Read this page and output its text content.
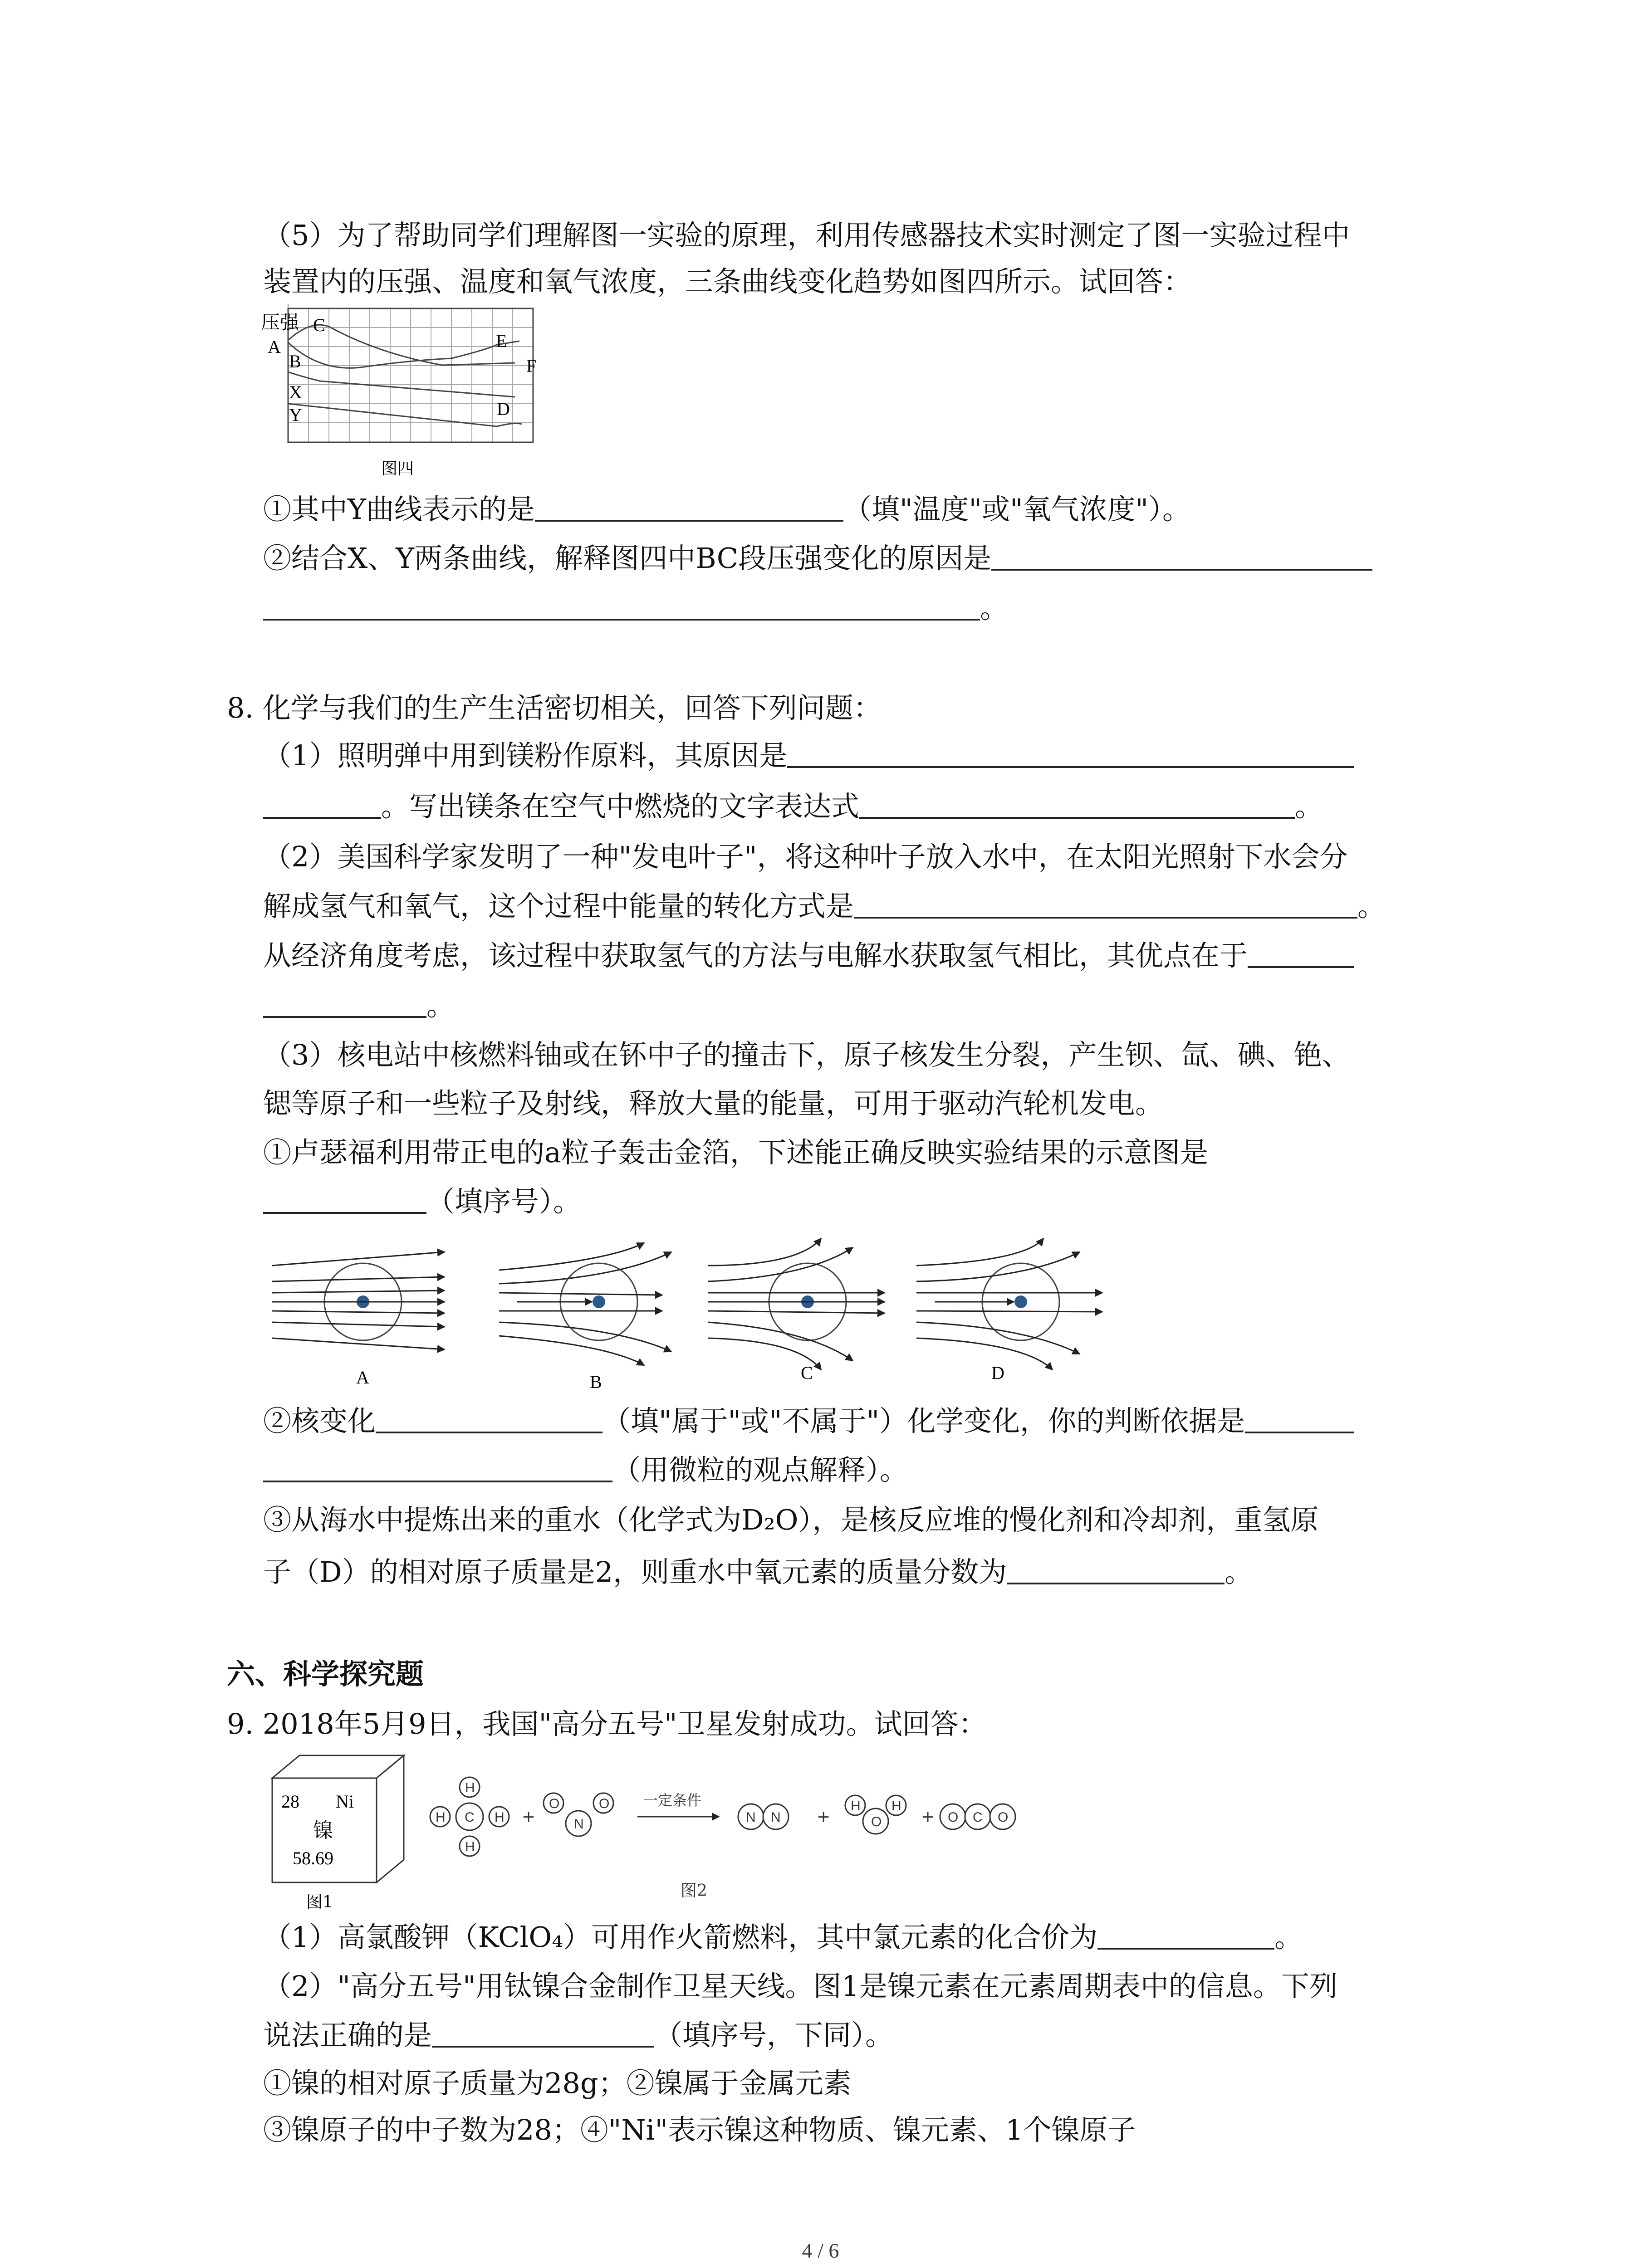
（5）为了帮助同学们理解图一实验的原理，利用传感器技术实时测定了图一实验过程中
装置内的压强、温度和氧气浓度，三条曲线变化趋势如图四所示。试回答：
压强
A
B
C
X
Y
E
F
D
图四
①其中Y曲线表示的是	（填"温度"或"氧气浓度"）。
②结合X、Y两条曲线，解释图四中BC段压强变化的原因是
。
8. 化学与我们的生产生活密切相关，回答下列问题：
（1）照明弹中用到镁粉作原料，其原因是
。写出镁条在空气中燃烧的文字表达式	。
（2）美国科学家发明了一种"发电叶子"，将这种叶子放入水中，在太阳光照射下水会分
解成氢气和氧气，这个过程中能量的转化方式是	。
从经济角度考虑，该过程中获取氢气的方法与电解水获取氢气相比，其优点在于
。
（3）核电站中核燃料铀或在钚中子的撞击下，原子核发生分裂，产生钡、氙、碘、铯、
锶等原子和一些粒子及射线，释放大量的能量，可用于驱动汽轮机发电。
①卢瑟福利用带正电的a粒子轰击金箔，下述能正确反映实验结果的示意图是
（填序号）。
A	B	C	D
②核变化	（填"属于"或"不属于"）化学变化，你的判断依据是
（用微粒的观点解释）。
③从海水中提炼出来的重水（化学式为D₂O），是核反应堆的慢化剂和冷却剂，重氢原
子（D）的相对原子质量是2，则重水中氧元素的质量分数为	。
六、科学探究题
9. 2018年5月9日，我国"高分五号"卫星发射成功。试回答：
28 Ni
镍
58.69
图1
C
H
H
H	H
O
N
O
N N
H
O
H
O C O
+	+	+
一定条件
图2
（1）高氯酸钾（KClO₄）可用作火箭燃料，其中氯元素的化合价为	。
（2）"高分五号"用钛镍合金制作卫星天线。图1是镍元素在元素周期表中的信息。下列
说法正确的是	（填序号，下同）。
①镍的相对原子质量为28g；②镍属于金属元素
③镍原子的中子数为28；④"Ni"表示镍这种物质、镍元素、1个镍原子
4 / 6
